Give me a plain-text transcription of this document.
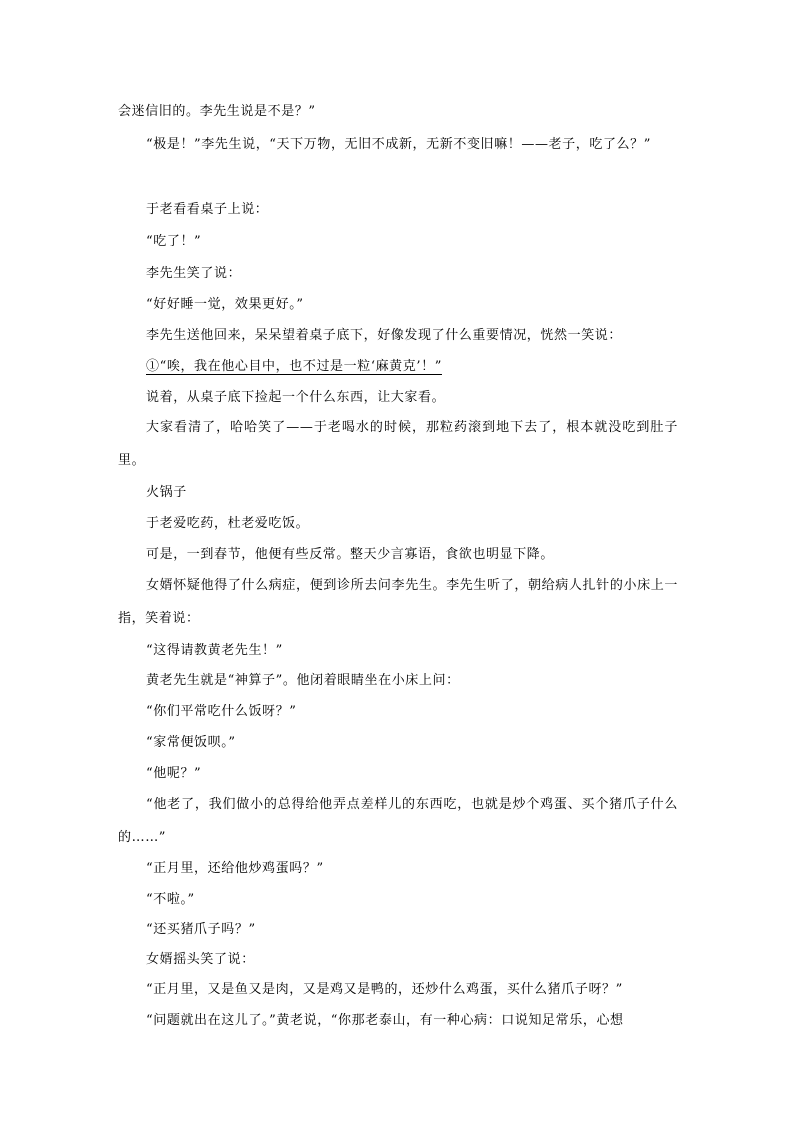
会迷信旧的。李先生说是不是？”

“极是！”李先生说，“天下万物，无旧不成新，无新不变旧嘛！——老子，吃了么？”

于老看看桌子上说：

“吃了！”

李先生笑了说：

“好好睡一觉，效果更好。”

李先生送他回来，呆呆望着桌子底下，好像发现了什么重要情况，恍然一笑说：

①“唉，我在他心目中，也不过是一粒‘麻黄克’！”

说着，从桌子底下捡起一个什么东西，让大家看。

大家看清了，哈哈笑了——于老喝水的时候，那粒药滚到地下去了，根本就没吃到肚子里。

火锅子

于老爱吃药，杜老爱吃饭。

可是，一到春节，他便有些反常。整天少言寡语，食欲也明显下降。

女婿怀疑他得了什么病症，便到诊所去问李先生。李先生听了，朝给病人扎针的小床上一指，笑着说：

“这得请教黄老先生！”

黄老先生就是“神算子”。他闭着眼睛坐在小床上问：

“你们平常吃什么饭呀？”

“家常便饭呗。”

“他呢？”

“他老了，我们做小的总得给他弄点差样儿的东西吃，也就是炒个鸡蛋、买个猪爪子什么的……”

“正月里，还给他炒鸡蛋吗？”

“不啦。”

“还买猪爪子吗？”

女婿摇头笑了说：

“正月里，又是鱼又是肉，又是鸡又是鸭的，还炒什么鸡蛋，买什么猪爪子呀？”

“问题就出在这儿了。”黄老说，“你那老泰山，有一种心病：口说知足常乐，心想
